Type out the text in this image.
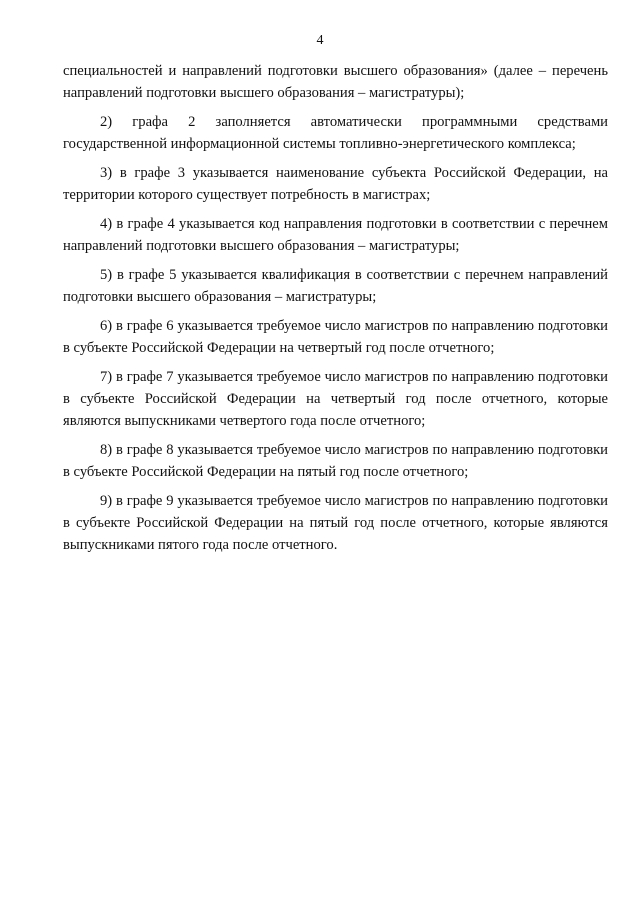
4

специальностей и направлений подготовки высшего образования» (далее – перечень направлений подготовки высшего образования – магистратуры);

2) графа 2 заполняется автоматически программными средствами государственной информационной системы топливно-энергетического комплекса;

3) в графе 3 указывается наименование субъекта Российской Федерации, на территории которого существует потребность в магистрах;

4) в графе 4 указывается код направления подготовки в соответствии с перечнем направлений подготовки высшего образования – магистратуры;

5) в графе 5 указывается квалификация в соответствии с перечнем направлений подготовки высшего образования – магистратуры;

6) в графе 6 указывается требуемое число магистров по направлению подготовки в субъекте Российской Федерации на четвертый год после отчетного;

7) в графе 7 указывается требуемое число магистров по направлению подготовки в субъекте Российской Федерации на четвертый год после отчетного, которые являются выпускниками четвертого года после отчетного;

8) в графе 8 указывается требуемое число магистров по направлению подготовки в субъекте Российской Федерации на пятый год после отчетного;

9) в графе 9 указывается требуемое число магистров по направлению подготовки в субъекте Российской Федерации на пятый год после отчетного, которые являются выпускниками пятого года после отчетного.
